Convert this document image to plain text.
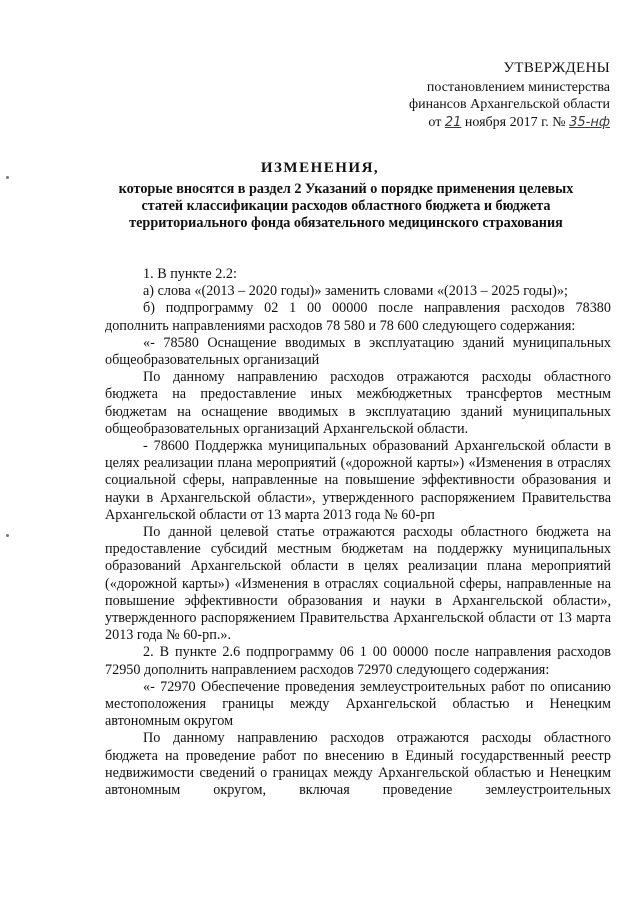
УТВЕРЖДЕНЫ
постановлением министерства
финансов Архангельской области
от 21 ноября 2017 г. № 35-нф
ИЗМЕНЕНИЯ,
которые вносятся в раздел 2 Указаний о порядке применения целевых статей классификации расходов областного бюджета и бюджета территориального фонда обязательного медицинского страхования

1. В пункте 2.2:

а) слова «(2013 – 2020 годы)» заменить словами «(2013 – 2025 годы)»;

б) подпрограмму 02 1 00 00000 после направления расходов 78380 дополнить направлениями расходов 78 580 и 78 600 следующего содержания:

«- 78580 Оснащение вводимых в эксплуатацию зданий муниципальных общеобразовательных организаций

По данному направлению расходов отражаются расходы областного бюджета на предоставление иных межбюджетных трансфертов местным бюджетам на оснащение вводимых в эксплуатацию зданий муниципальных общеобразовательных организаций Архангельской области.

- 78600 Поддержка муниципальных образований Архангельской области в целях реализации плана мероприятий («дорожной карты») «Изменения в отраслях социальной сферы, направленные на повышение эффективности образования и науки в Архангельской области», утвержденного распоряжением Правительства Архангельской области от 13 марта 2013 года № 60-рп

По данной целевой статье отражаются расходы областного бюджета на предоставление субсидий местным бюджетам на поддержку муниципальных образований Архангельской области в целях реализации плана мероприятий («дорожной карты») «Изменения в отраслях социальной сферы, направленные на повышение эффективности образования и науки в Архангельской области», утвержденного распоряжением Правительства Архангельской области от 13 марта 2013 года № 60-рп.».

2. В пункте 2.6 подпрограмму 06 1 00 00000 после направления расходов 72950 дополнить направлением расходов 72970 следующего содержания:

«- 72970 Обеспечение проведения землеустроительных работ по описанию местоположения границы между Архангельской областью и Ненецким автономным округом

По данному направлению расходов отражаются расходы областного бюджета на проведение работ по внесению в Единый государственный реестр недвижимости сведений о границах между Архангельской областью и Ненецким автономным округом, включая проведение землеустроительных
